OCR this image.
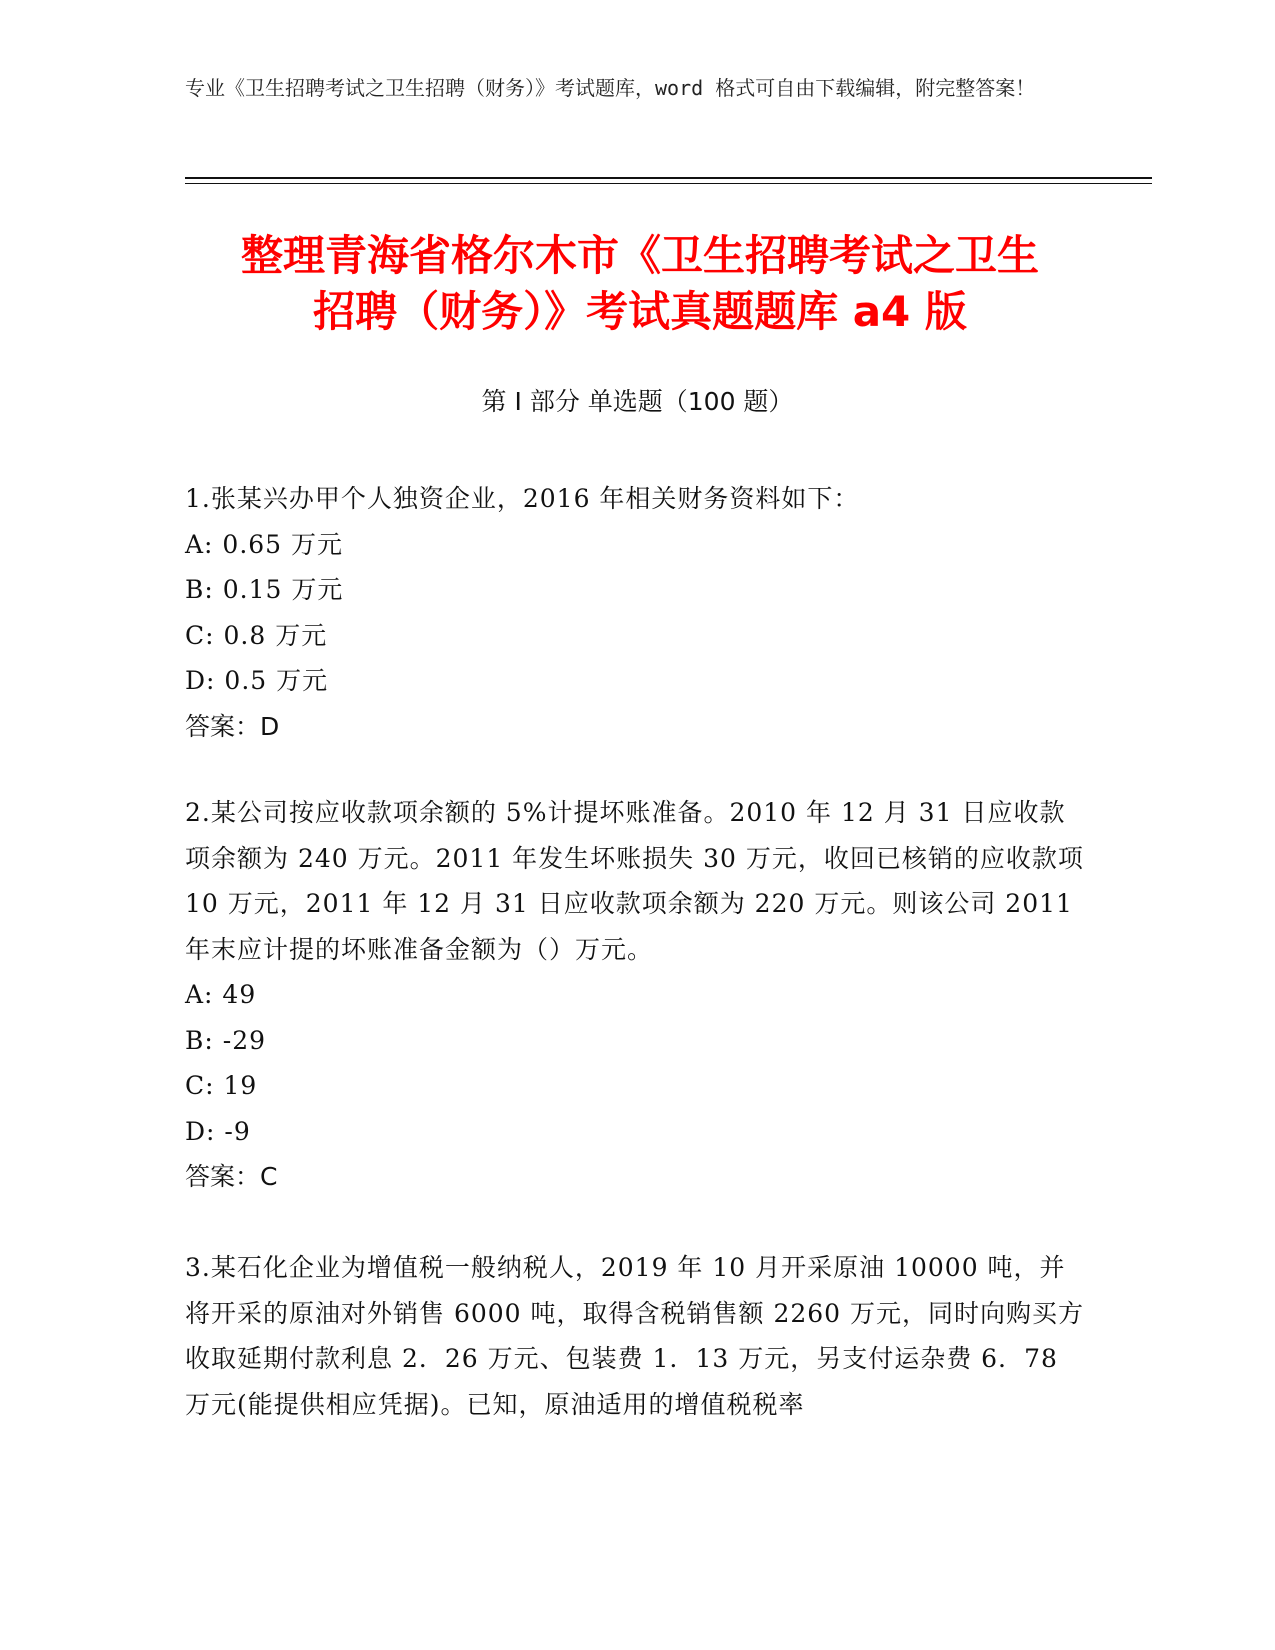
专业《卫生招聘考试之卫生招聘（财务）》考试题库，word 格式可自由下载编辑，附完整答案！

整理青海省格尔木市《卫生招聘考试之卫生
招聘（财务）》考试真题题库 a4 版

第 I 部分 单选题（100 题）

1.张某兴办甲个人独资企业，2016 年相关财务资料如下：

A: 0.65 万元

B: 0.15 万元

C: 0.8 万元

D: 0.5 万元

答案：D

2.某公司按应收款项余额的 5%计提坏账准备。2010 年 12 月 31 日应收款项余额为 240 万元。2011 年发生坏账损失 30 万元，收回已核销的应收款项 10 万元，2011 年 12 月 31 日应收款项余额为 220 万元。则该公司 2011 年末应计提的坏账准备金额为（）万元。

A: 49

B: -29

C: 19

D: -9

答案：C

3.某石化企业为增值税一般纳税人，2019 年 10 月开采原油 10000 吨，并将开采的原油对外销售 6000 吨，取得含税销售额 2260 万元，同时向购买方收取延期付款利息 2．26 万元、包装费 1．13 万元，另支付运杂费 6．78 万元(能提供相应凭据)。已知，原油适用的增值税税率
